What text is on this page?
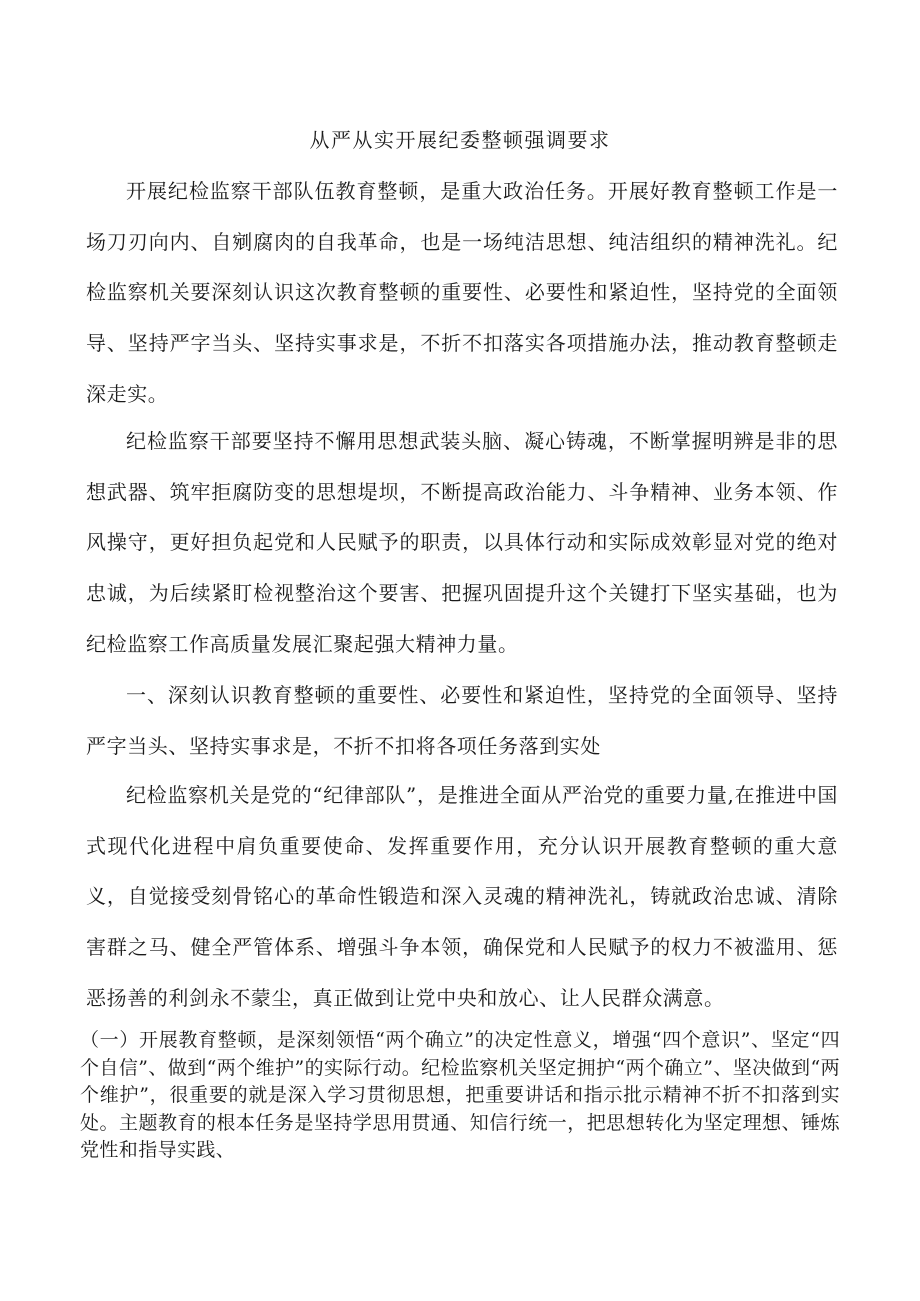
从严从实开展纪委整顿强调要求

开展纪检监察干部队伍教育整顿，是重大政治任务。开展好教育整顿工作是一场刀刃向内、自剜腐肉的自我革命，也是一场纯洁思想、纯洁组织的精神洗礼。纪检监察机关要深刻认识这次教育整顿的重要性、必要性和紧迫性，坚持党的全面领导、坚持严字当头、坚持实事求是，不折不扣落实各项措施办法，推动教育整顿走深走实。

纪检监察干部要坚持不懈用思想武装头脑、凝心铸魂，不断掌握明辨是非的思想武器、筑牢拒腐防变的思想堤坝，不断提高政治能力、斗争精神、业务本领、作风操守，更好担负起党和人民赋予的职责，以具体行动和实际成效彰显对党的绝对忠诚，为后续紧盯检视整治这个要害、把握巩固提升这个关键打下坚实基础，也为纪检监察工作高质量发展汇聚起强大精神力量。

一、深刻认识教育整顿的重要性、必要性和紧迫性，坚持党的全面领导、坚持严字当头、坚持实事求是，不折不扣将各项任务落到实处

纪检监察机关是党的“纪律部队”，是推进全面从严治党的重要力量,在推进中国式现代化进程中肩负重要使命、发挥重要作用，充分认识开展教育整顿的重大意义，自觉接受刻骨铭心的革命性锻造和深入灵魂的精神洗礼，铸就政治忠诚、清除害群之马、健全严管体系、增强斗争本领，确保党和人民赋予的权力不被滥用、惩恶扬善的利剑永不蒙尘，真正做到让党中央和放心、让人民群众满意。

（一）开展教育整顿，是深刻领悟“两个确立”的决定性意义，增强“四个意识”、坚定“四个自信”、做到“两个维护”的实际行动。纪检监察机关坚定拥护“两个确立”、坚决做到“两个维护”，很重要的就是深入学习贯彻思想，把重要讲话和指示批示精神不折不扣落到实处。主题教育的根本任务是坚持学思用贯通、知信行统一，把思想转化为坚定理想、锤炼党性和指导实践、
